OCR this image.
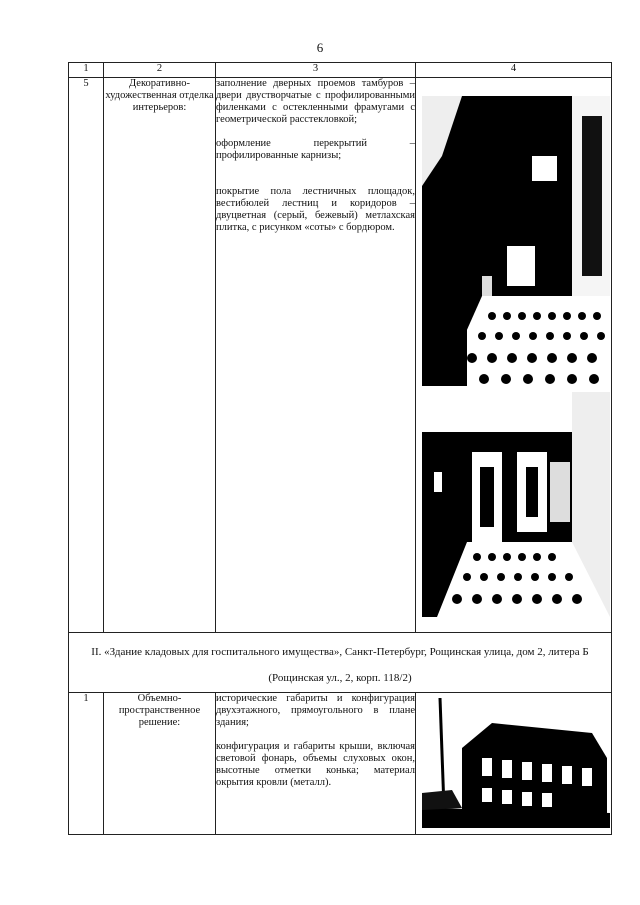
6
1	2	3	4
5	Декоративно-художественная отделка интерьеров:	заполнение дверных проемов тамбуров – двери двустворчатые с профилированными филенками с остекленными фрамугами с геометрической расстекловкой;

оформление перекрытий – профилированные карнизы;

покрытие пола лестничных площадок, вестибюлей лестниц и коридоров – двуцветная (серый, бежевый) метлахская плитка, с рисунком «соты» с бордюром.

II. «Здание кладовых для госпитального имущества», Санкт-Петербург, Рощинская улица, дом 2, литера Б
(Рощинская ул., 2, корп. 118/2)			

1	Объемно-пространственное решение:	исторические габариты и конфигурация двухэтажного, прямоугольного в плане здания;

конфигурация и габариты крыши, включая световой фонарь, объемы слуховых окон, высотные отметки конька; материал окрытия кровли (металл).
